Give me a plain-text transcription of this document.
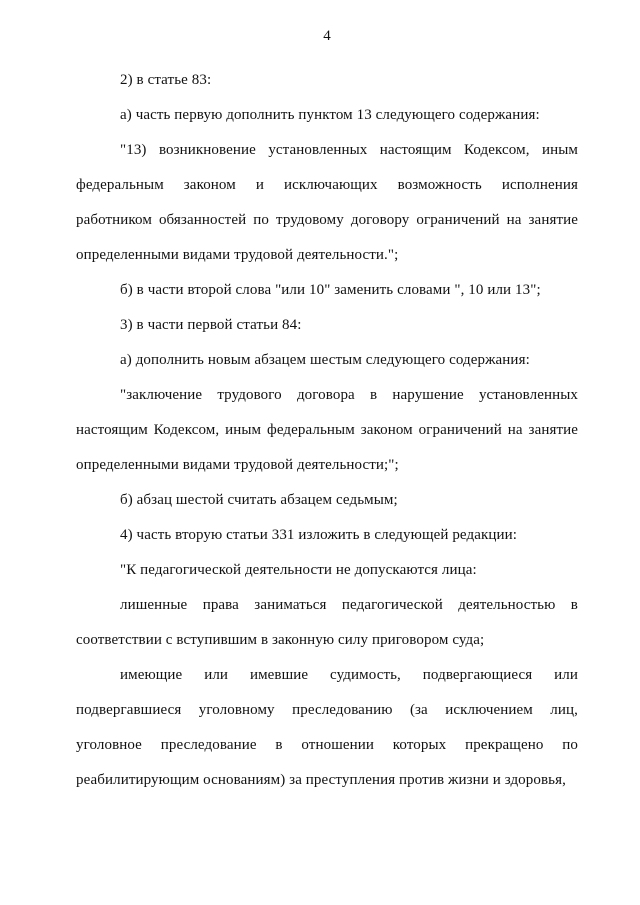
4
2) в статье 83:
а) часть первую дополнить пунктом 13 следующего содержания:
"13) возникновение установленных настоящим Кодексом, иным
федеральным законом и исключающих возможность исполнения
работником обязанностей по трудовому договору ограничений на занятие
определенными видами трудовой деятельности.";
б) в части второй слова "или 10" заменить словами ", 10 или 13";
3) в части первой статьи 84:
а) дополнить новым абзацем шестым следующего содержания:
"заключение трудового договора в нарушение установленных
настоящим Кодексом, иным федеральным законом ограничений на занятие
определенными видами трудовой деятельности;";
б) абзац шестой считать абзацем седьмым;
4) часть вторую статьи 331 изложить в следующей редакции:
"К педагогической деятельности не допускаются лица:
лишенные права заниматься педагогической деятельностью в
соответствии с вступившим в законную силу приговором суда;
имеющие или имевшие судимость, подвергающиеся или
подвергавшиеся уголовному преследованию (за исключением лиц,
уголовное преследование в отношении которых прекращено по
реабилитирующим основаниям) за преступления против жизни и здоровья,
